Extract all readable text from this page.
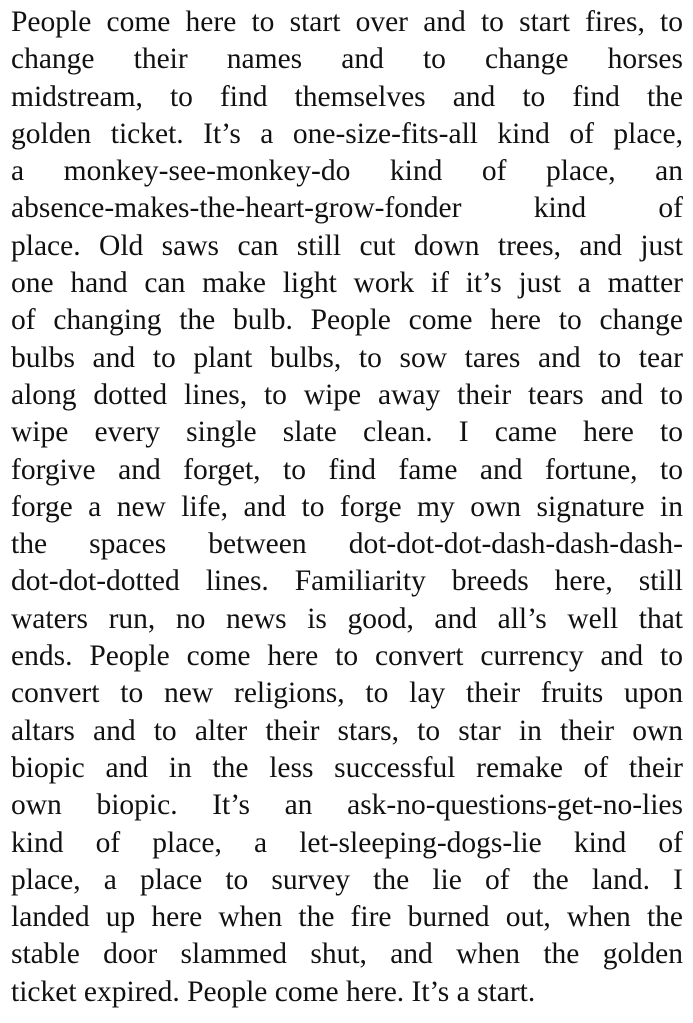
People come here to start over and to start fires, to
change their names and to change horses
midstream, to find themselves and to find the
golden ticket. It’s a one-size-fits-all kind of place,
a monkey-see-monkey-do kind of place, an
absence-makes-the-heart-grow-fonder kind of
place. Old saws can still cut down trees, and just
one hand can make light work if it’s just a matter
of changing the bulb. People come here to change
bulbs and to plant bulbs, to sow tares and to tear
along dotted lines, to wipe away their tears and to
wipe every single slate clean. I came here to
forgive and forget, to find fame and fortune, to
forge a new life, and to forge my own signature in
the spaces between dot-dot-dot-dash-dash-dash-
dot-dot-dotted lines. Familiarity breeds here, still
waters run, no news is good, and all’s well that
ends. People come here to convert currency and to
convert to new religions, to lay their fruits upon
altars and to alter their stars, to star in their own
biopic and in the less successful remake of their
own biopic. It’s an ask-no-questions-get-no-lies
kind of place, a let-sleeping-dogs-lie kind of
place, a place to survey the lie of the land. I
landed up here when the fire burned out, when the
stable door slammed shut, and when the golden
ticket expired. People come here. It’s a start.
